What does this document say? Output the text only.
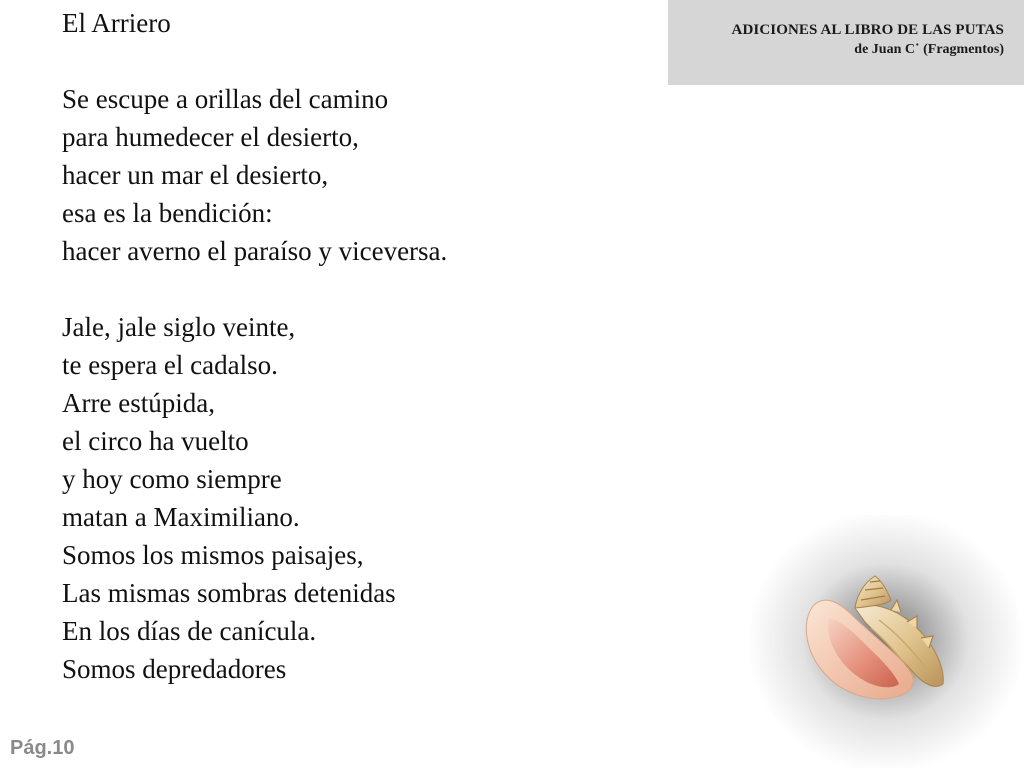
ADICIONES AL LIBRO DE LAS PUTAS
de Juan C˙ (Fragmentos)
El Arriero
Se escupe a orillas del camino
para humedecer el desierto,
hacer un mar el desierto,
esa es la bendición:
hacer averno el paraíso y viceversa.
Jale, jale siglo veinte,
te espera el cadalso.
Arre estúpida,
el circo ha vuelto
y hoy como siempre
matan a Maximiliano.
Somos los mismos paisajes,
Las mismas sombras detenidas
En los días de canícula.
Somos depredadores
Pág.10
